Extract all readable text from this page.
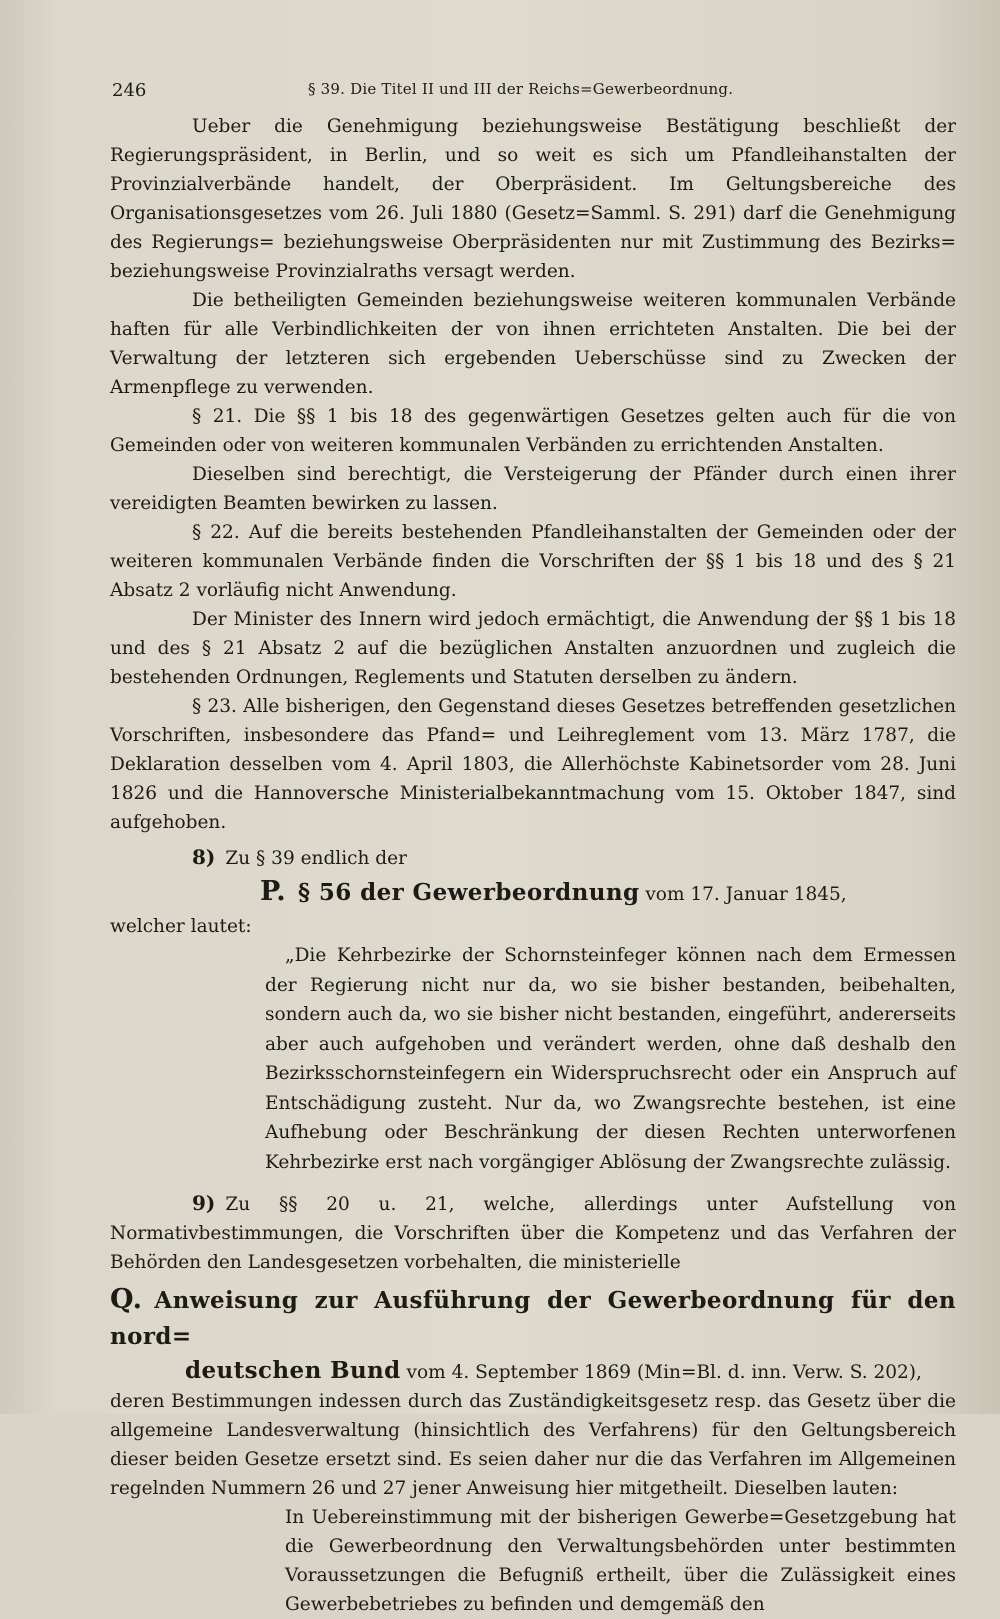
246	§ 39. Die Titel II und III der Reichs=Gewerbeordnung.

Ueber die Genehmigung beziehungsweise Bestätigung beschließt der Regierungspräsident, in Berlin, und so weit es sich um Pfandleihanstalten der Provinzialverbände handelt, der Oberpräsident. Im Geltungsbereiche des Organisationsgesetzes vom 26. Juli 1880 (Gesetz=Samml. S. 291) darf die Genehmigung des Regierungs= beziehungsweise Oberpräsidenten nur mit Zustimmung des Bezirks= beziehungsweise Provinzialraths versagt werden.

Die betheiligten Gemeinden beziehungsweise weiteren kommunalen Verbände haften für alle Verbindlichkeiten der von ihnen errichteten Anstalten. Die bei der Verwaltung der letzteren sich ergebenden Ueberschüsse sind zu Zwecken der Armenpflege zu verwenden.

§ 21. Die §§ 1 bis 18 des gegenwärtigen Gesetzes gelten auch für die von Gemeinden oder von weiteren kommunalen Verbänden zu errichtenden Anstalten.

Dieselben sind berechtigt, die Versteigerung der Pfänder durch einen ihrer vereidigten Beamten bewirken zu lassen.

§ 22. Auf die bereits bestehenden Pfandleihanstalten der Gemeinden oder der weiteren kommunalen Verbände finden die Vorschriften der §§ 1 bis 18 und des § 21 Absatz 2 vorläufig nicht Anwendung.

Der Minister des Innern wird jedoch ermächtigt, die Anwendung der §§ 1 bis 18 und des § 21 Absatz 2 auf die bezüglichen Anstalten anzuordnen und zugleich die bestehenden Ordnungen, Reglements und Statuten derselben zu ändern.

§ 23. Alle bisherigen, den Gegenstand dieses Gesetzes betreffenden gesetzlichen Vorschriften, insbesondere das Pfand= und Leihreglement vom 13. März 1787, die Deklaration desselben vom 4. April 1803, die Allerhöchste Kabinetsorder vom 28. Juni 1826 und die Hannoversche Ministerialbekanntmachung vom 15. Oktober 1847, sind aufgehoben.

8) Zu § 39 endlich der

P. § 56 der Gewerbeordnung vom 17. Januar 1845,

welcher lautet:

„Die Kehrbezirke der Schornsteinfeger können nach dem Ermessen der Regierung nicht nur da, wo sie bisher bestanden, beibehalten, sondern auch da, wo sie bisher nicht bestanden, eingeführt, andererseits aber auch aufgehoben und verändert werden, ohne daß deshalb den Bezirksschornsteinfegern ein Widerspruchsrecht oder ein Anspruch auf Entschädigung zusteht. Nur da, wo Zwangsrechte bestehen, ist eine Aufhebung oder Beschränkung der diesen Rechten unterworfenen Kehrbezirke erst nach vorgängiger Ablösung der Zwangsrechte zulässig.

9) Zu §§ 20 u. 21, welche, allerdings unter Aufstellung von Normativbestimmungen, die Vorschriften über die Kompetenz und das Verfahren der Behörden den Landesgesetzen vorbehalten, die ministerielle

Q. Anweisung zur Ausführung der Gewerbeordnung für den nord=

deutschen Bund vom 4. September 1869 (Min=Bl. d. inn. Verw. S. 202),

deren Bestimmungen indessen durch das Zuständigkeitsgesetz resp. das Gesetz über die allgemeine Landesverwaltung (hinsichtlich des Verfahrens) für den Geltungsbereich dieser beiden Gesetze ersetzt sind. Es seien daher nur die das Verfahren im Allgemeinen regelnden Nummern 26 und 27 jener Anweisung hier mitgetheilt. Dieselben lauten:

In Uebereinstimmung mit der bisherigen Gewerbe=Gesetzgebung hat die Gewerbeordnung den Verwaltungsbehörden unter bestimmten Voraussetzungen die Befugniß ertheilt, über die Zulässigkeit eines Gewerbebetriebes zu befinden und demgemäß den
